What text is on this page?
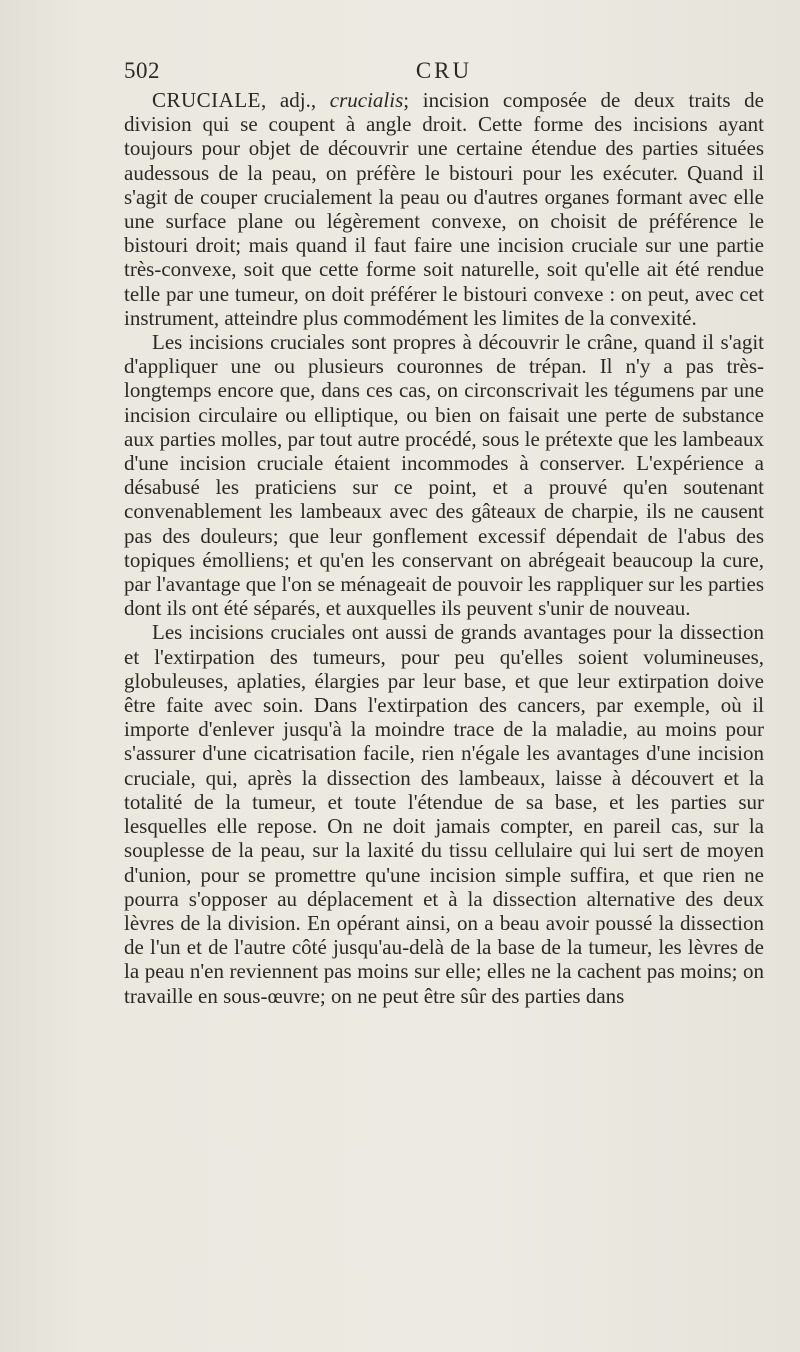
502	CRU

CRUCIALE, adj., crucialis; incision composée de deux traits de division qui se coupent à angle droit. Cette forme des incisions ayant toujours pour objet de découvrir une certaine étendue des parties situées audessous de la peau, on préfère le bistouri pour les exécuter. Quand il s'agit de couper crucialement la peau ou d'autres organes formant avec elle une surface plane ou légèrement convexe, on choisit de préférence le bistouri droit; mais quand il faut faire une incision cruciale sur une partie très-convexe, soit que cette forme soit naturelle, soit qu'elle ait été rendue telle par une tumeur, on doit préférer le bistouri convexe : on peut, avec cet instrument, atteindre plus commodément les limites de la convexité.

Les incisions cruciales sont propres à découvrir le crâne, quand il s'agit d'appliquer une ou plusieurs couronnes de trépan. Il n'y a pas très-longtemps encore que, dans ces cas, on circonscrivait les tégumens par une incision circulaire ou elliptique, ou bien on faisait une perte de substance aux parties molles, par tout autre procédé, sous le prétexte que les lambeaux d'une incision cruciale étaient incommodes à conserver. L'expérience a désabusé les praticiens sur ce point, et a prouvé qu'en soutenant convenablement les lambeaux avec des gâteaux de charpie, ils ne causent pas des douleurs; que leur gonflement excessif dépendait de l'abus des topiques émolliens; et qu'en les conservant on abrégeait beaucoup la cure, par l'avantage que l'on se ménageait de pouvoir les rappliquer sur les parties dont ils ont été séparés, et auxquelles ils peuvent s'unir de nouveau.

Les incisions cruciales ont aussi de grands avantages pour la dissection et l'extirpation des tumeurs, pour peu qu'elles soient volumineuses, globuleuses, aplaties, élargies par leur base, et que leur extirpation doive être faite avec soin. Dans l'extirpation des cancers, par exemple, où il importe d'enlever jusqu'à la moindre trace de la maladie, au moins pour s'assurer d'une cicatrisation facile, rien n'égale les avantages d'une incision cruciale, qui, après la dissection des lambeaux, laisse à découvert et la totalité de la tumeur, et toute l'étendue de sa base, et les parties sur lesquelles elle repose. On ne doit jamais compter, en pareil cas, sur la souplesse de la peau, sur la laxité du tissu cellulaire qui lui sert de moyen d'union, pour se promettre qu'une incision simple suffira, et que rien ne pourra s'opposer au déplacement et à la dissection alternative des deux lèvres de la division. En opérant ainsi, on a beau avoir poussé la dissection de l'un et de l'autre côté jusqu'au-delà de la base de la tumeur, les lèvres de la peau n'en reviennent pas moins sur elle; elles ne la cachent pas moins; on travaille en sous-œuvre; on ne peut être sûr des parties dans
